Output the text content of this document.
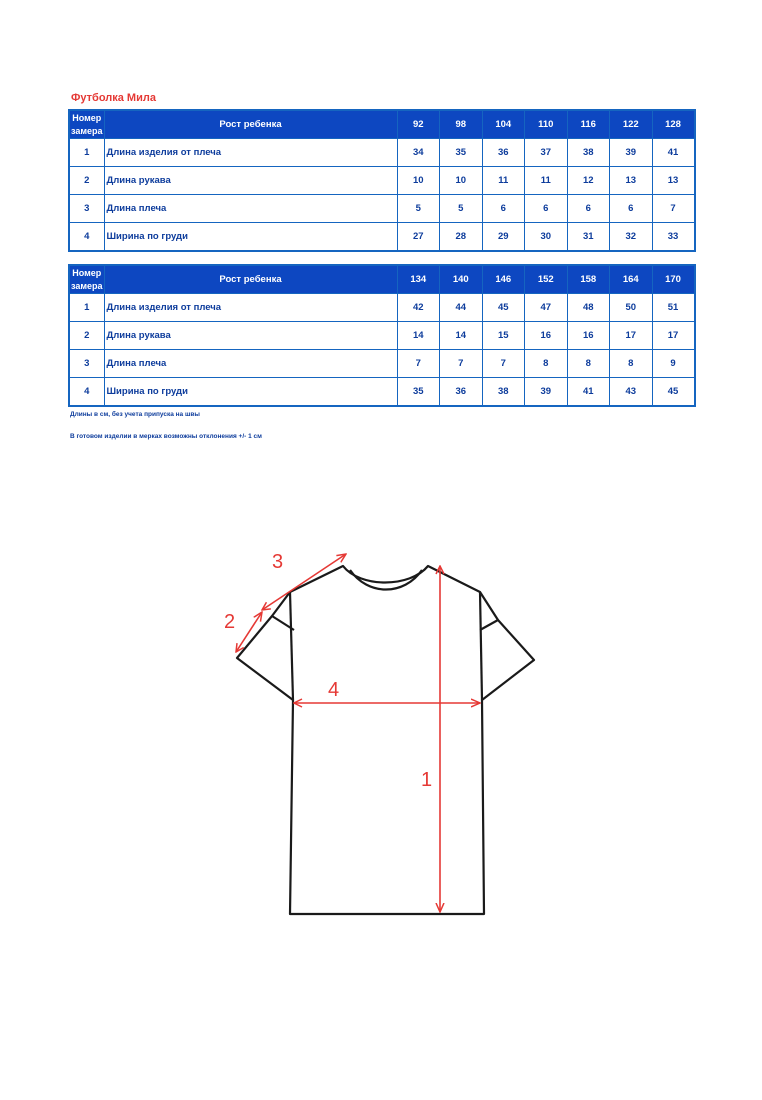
Футболка Мила
Номер замера	Рост ребенка	92	98	104	110	116	122	128
1	Длина изделия от плеча	34	35	36	37	38	39	41
2	Длина рукава	10	10	11	11	12	13	13
3	Длина плеча	5	5	6	6	6	6	7
4	Ширина по груди	27	28	29	30	31	32	33
Номер замера	Рост ребенка	134	140	146	152	158	164	170
1	Длина изделия от плеча	42	44	45	47	48	50	51
2	Длина рукава	14	14	15	16	16	17	17
3	Длина плеча	7	7	7	8	8	8	9
4	Ширина по груди	35	36	38	39	41	43	45
Длины в см, без учета припуска на швы
В готовом изделии в мерках возможны отклонения +/- 1 см
1
2
3
4
